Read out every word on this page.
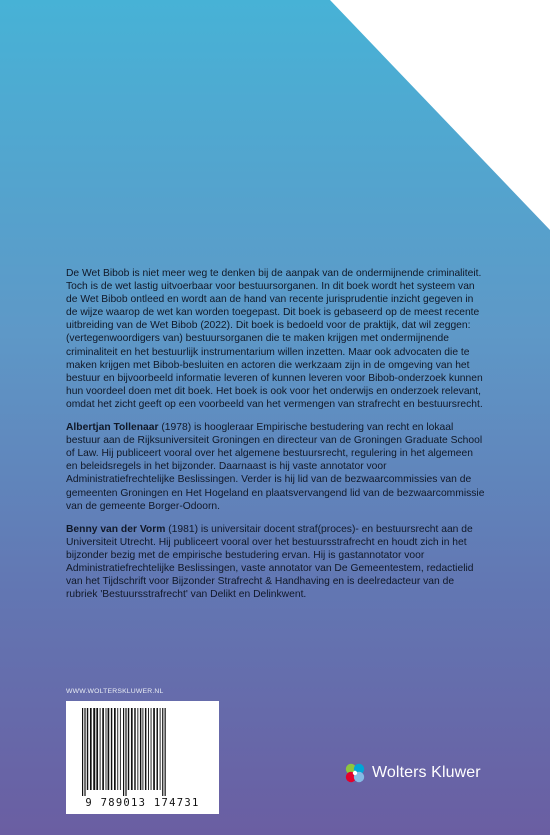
De Wet Bibob is niet meer weg te denken bij de aanpak van de ondermijnende criminaliteit. Toch is de wet lastig uitvoerbaar voor bestuursorganen. In dit boek wordt het systeem van de Wet Bibob ontleed en wordt aan de hand van recente jurisprudentie inzicht gegeven in de wijze waarop de wet kan worden toegepast. Dit boek is gebaseerd op de meest recente uitbreiding van de Wet Bibob (2022). Dit boek is bedoeld voor de praktijk, dat wil zeggen: (vertegenwoordigers van) bestuursorganen die te maken krijgen met ondermijnende criminaliteit en het bestuurlijk instrumentarium willen inzetten. Maar ook advocaten die te maken krijgen met Bibob-besluiten en actoren die werkzaam zijn in de omgeving van het bestuur en bijvoorbeeld informatie leveren of kunnen leveren voor Bibob-onderzoek kunnen hun voordeel doen met dit boek. Het boek is ook voor het onderwijs en onderzoek relevant, omdat het zicht geeft op een voorbeeld van het vermengen van strafrecht en bestuursrecht.

Albertjan Tollenaar (1978) is hoogleraar Empirische bestudering van recht en lokaal bestuur aan de Rijksuniversiteit Groningen en directeur van de Groningen Graduate School of Law. Hij publiceert vooral over het algemene bestuursrecht, regulering in het algemeen en beleidsregels in het bijzonder. Daarnaast is hij vaste annotator voor Administratiefrechtelijke Beslissingen. Verder is hij lid van de bezwaarcommissies van de gemeenten Groningen en Het Hogeland en plaatsvervangend lid van de bezwaarcommissie van de gemeente Borger-Odoorn.

Benny van der Vorm (1981) is universitair docent straf(proces)- en bestuursrecht aan de Universiteit Utrecht. Hij publiceert vooral over het bestuursstrafrecht en houdt zich in het bijzonder bezig met de empirische bestudering ervan. Hij is gastannotator voor Administratiefrechtelijke Beslissingen, vaste annotator van De Gemeentestem, redactielid van het Tijdschrift voor Bijzonder Strafrecht & Handhaving en is deelredacteur van de rubriek 'Bestuursstrafrecht' van Delikt en Delinkwent.

WWW.WOLTERSKLUWER.NL
9 789013 174731
Wolters Kluwer
